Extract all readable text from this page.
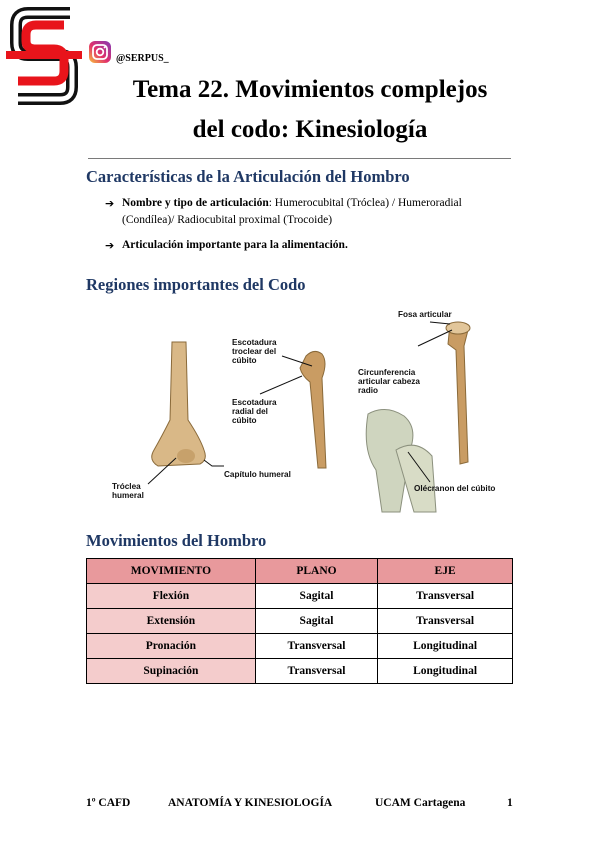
@SERPUS_
Tema 22. Movimientos complejos
del codo: Kinesiología
Características de la Articulación del Hombro
➔ Nombre y tipo de articulación: Humerocubital (Tróclea) / Humeroradial (Condílea)/ Radiocubital proximal (Trocoide)
➔ Articulación importante para la alimentación.
Regiones importantes del Codo
Escotadura
troclear del
cúbito
Escotadura
radial del
cúbito
Capítulo humeral
Tróclea
humeral
Fosa articular
Circunferencia
articular cabeza
radio
Olécranon del cúbito
Movimientos del Hombro
MOVIMIENTO	PLANO	EJE
Flexión	Sagital	Transversal
Extensión	Sagital	Transversal
Pronación	Transversal	Longitudinal
Supinación	Transversal	Longitudinal
1º CAFD	ANATOMÍA Y KINESIOLOGÍA	UCAM Cartagena	1
